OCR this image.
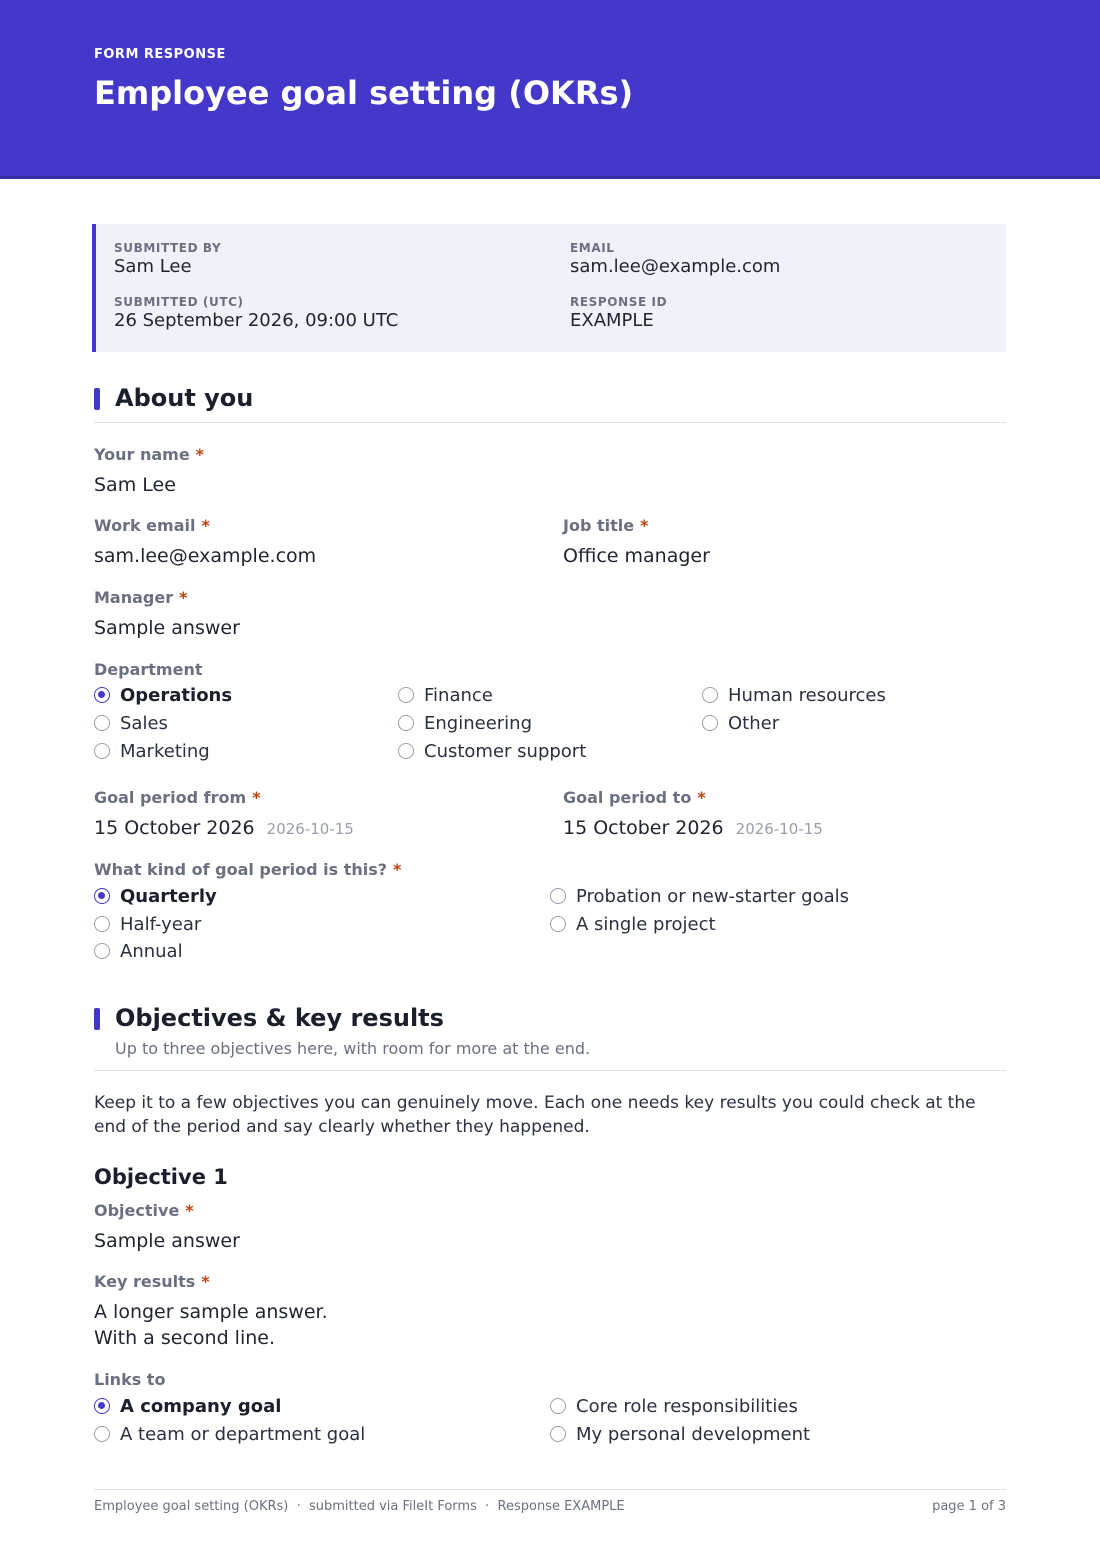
FORM RESPONSE
Employee goal setting (OKRs)
SUBMITTED BY
Sam Lee
EMAIL
sam.lee@example.com
SUBMITTED (UTC)
26 September 2026, 09:00 UTC
RESPONSE ID
EXAMPLE
About you
Your name *
Sam Lee
Work email *
sam.lee@example.com
Job title *
Office manager
Manager *
Sample answer
Department
Operations
Sales
Marketing
Finance
Engineering
Customer support
Human resources
Other
Goal period from *
15 October 2026 2026-10-15
Goal period to *
15 October 2026 2026-10-15
What kind of goal period is this? *
Quarterly
Half-year
Annual
Probation or new-starter goals
A single project
Objectives & key results
Up to three objectives here, with room for more at the end.
Keep it to a few objectives you can genuinely move. Each one needs key results you could check at the end of the period and say clearly whether they happened.
Objective 1
Objective *
Sample answer
Key results *
A longer sample answer.
With a second line.
Links to
A company goal
A team or department goal
Core role responsibilities
My personal development
Employee goal setting (OKRs)  ·  submitted via FileIt Forms  ·  Response EXAMPLE	page 1 of 3
